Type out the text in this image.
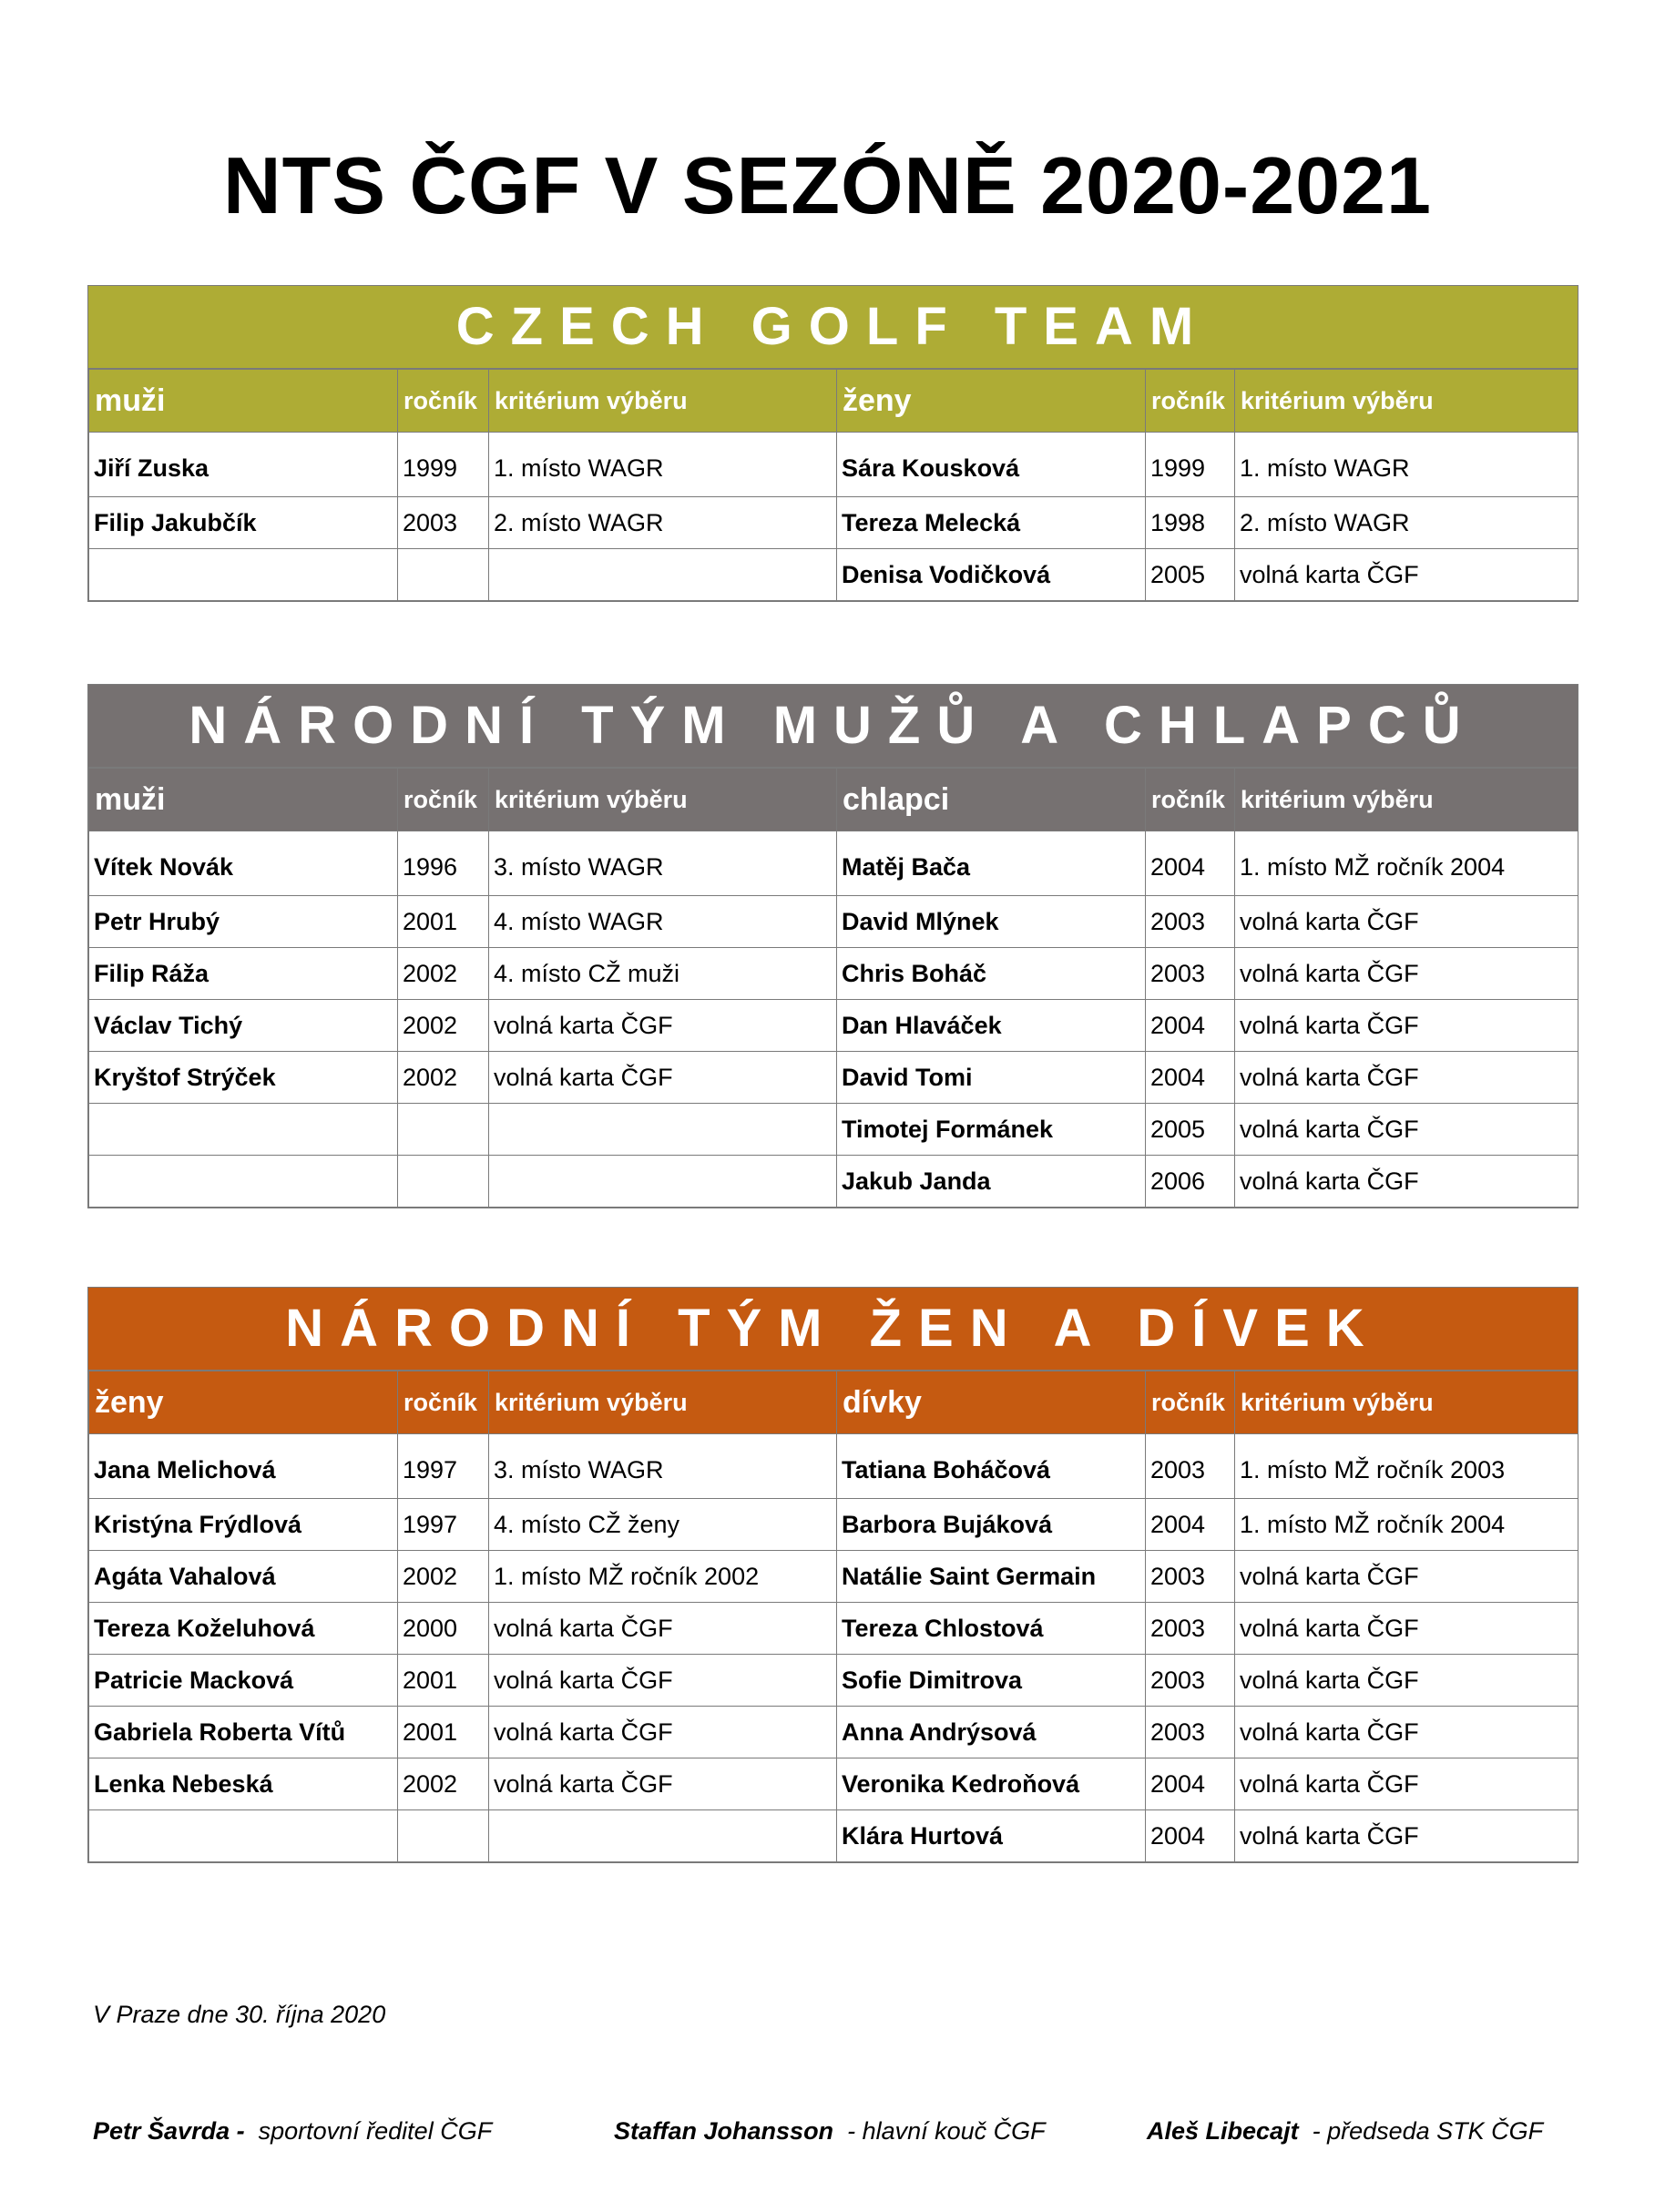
NTS ČGF V SEZÓNĚ 2020-2021
CZECH GOLF TEAM
muži	ročník	kritérium výběru	ženy	ročník	kritérium výběru
Jiří Zuska	1999	1. místo WAGR	Sára Kousková	1999	1. místo WAGR
Filip Jakubčík	2003	2. místo WAGR	Tereza Melecká	1998	2. místo WAGR
			Denisa Vodičková	2005	volná karta ČGF
NÁRODNÍ TÝM MUŽŮ A CHLAPCŮ
muži	ročník	kritérium výběru	chlapci	ročník	kritérium výběru
Vítek Novák	1996	3. místo WAGR	Matěj Bača	2004	1. místo MŽ ročník 2004
Petr Hrubý	2001	4. místo WAGR	David Mlýnek	2003	volná karta ČGF
Filip Ráža	2002	4. místo CŽ muži	Chris Boháč	2003	volná karta ČGF
Václav Tichý	2002	volná karta ČGF	Dan Hlaváček	2004	volná karta ČGF
Kryštof Strýček	2002	volná karta ČGF	David Tomi	2004	volná karta ČGF
			Timotej Formánek	2005	volná karta ČGF
			Jakub Janda	2006	volná karta ČGF
NÁRODNÍ TÝM ŽEN A DÍVEK
ženy	ročník	kritérium výběru	dívky	ročník	kritérium výběru
Jana Melichová	1997	3. místo WAGR	Tatiana Boháčová	2003	1. místo MŽ ročník 2003
Kristýna Frýdlová	1997	4. místo CŽ ženy	Barbora Bujáková	2004	1. místo MŽ ročník 2004
Agáta Vahalová	2002	1. místo MŽ ročník 2002	Natálie Saint Germain	2003	volná karta ČGF
Tereza Koželuhová	2000	volná karta ČGF	Tereza Chlostová	2003	volná karta ČGF
Patricie Macková	2001	volná karta ČGF	Sofie Dimitrova	2003	volná karta ČGF
Gabriela Roberta Vítů	2001	volná karta ČGF	Anna Andrýsová	2003	volná karta ČGF
Lenka Nebeská	2002	volná karta ČGF	Veronika Kedroňová	2004	volná karta ČGF
			Klára Hurtová	2004	volná karta ČGF
V Praze dne 30. října 2020
Petr Šavrda - sportovní ředitel ČGF	Staffan Johansson - hlavní kouč ČGF	Aleš Libecajt - předseda STK ČGF
